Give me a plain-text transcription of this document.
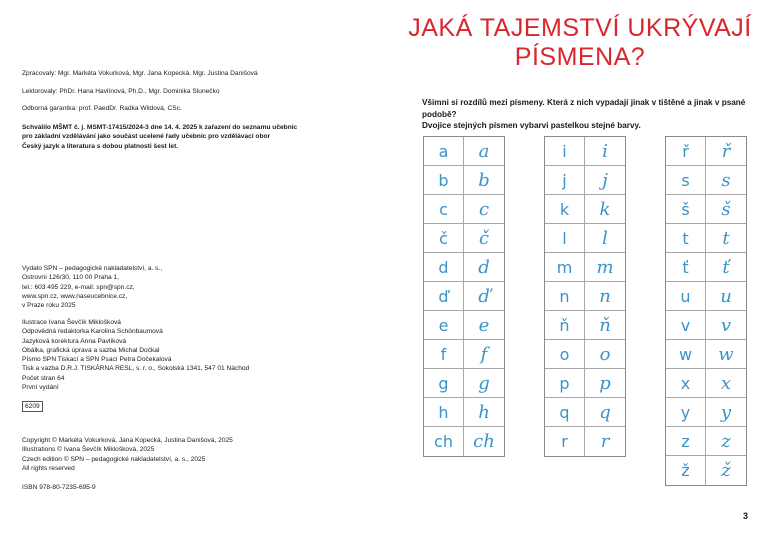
Zpracovaly: Mgr. Markéta Vokurková, Mgr. Jana Kopecká, Mgr. Justina Danišová

Lektorovaly: PhDr. Hana Havlínová, Ph.D., Mgr. Dominika Slunečko

Odborná garantka: prof. PaedDr. Radka Wildová, CSc.

Schválilo MŠMT č. j. MSMT-17415/2024-3 dne 14. 4. 2025 k zařazení do seznamu učebnic

pro základní vzdělávání jako součást ucelené řady učebnic pro vzdělávací obor

Český jazyk a literatura s dobou platnosti šest let.

Vydalo SPN – pedagogické nakladatelství, a. s.,

Ostrovní 126/30, 110 00 Praha 1,

tel.: 603 495 229, e-mail: spn@spn.cz,

www.spn.cz, www.naseucebnice.cz,

v Praze roku 2025

Ilustrace Ivana Ševčík Miklošková

Odpovědná redaktorka Karolina Schönbaumová

Jazyková korektura Anna Pavlíková

Obálka, grafická úprava a sazba Michal Dočkal

Písmo SPN Tiskací a SPN Psací Petra Dočekalová

Tisk a vazba D.R.J. TISKÁRNA RESL, s. r. o., Sokolská 1341, 547 01 Náchod

Počet stran 64

První vydání

6209

Copyright © Markéta Vokurková, Jana Kopecká, Justina Danišová, 2025

Illustrations © Ivana Ševčík Miklošková, 2025

Czech edition © SPN – pedagogické nakladatelství, a. s., 2025

All rights reserved

ISBN 978-80-7235-695-9

JAKÁ TAJEMSTVÍ UKRÝVAJÍ
PÍSMENA?
Všimni si rozdílů mezi písmeny. Která z nich vypadají jinak v tištěné a jinak v psané podobě?
Dvojice stejných písmen vybarvi pastelkou stejné barvy.
a	a
b	b
c	c
č	č
d	d
ď	ď
e	e
f	f
g	g
h	h
ch	ch
i	i
j	j
k	k
l	l
m	m
n	n
ň	ň
o	o
p	p
q	q
r	r
ř	ř
s	s
š	š
t	t
ť	ť
u	u
v	v
w	w
x	x
y	y
z	z
ž	ž
3
